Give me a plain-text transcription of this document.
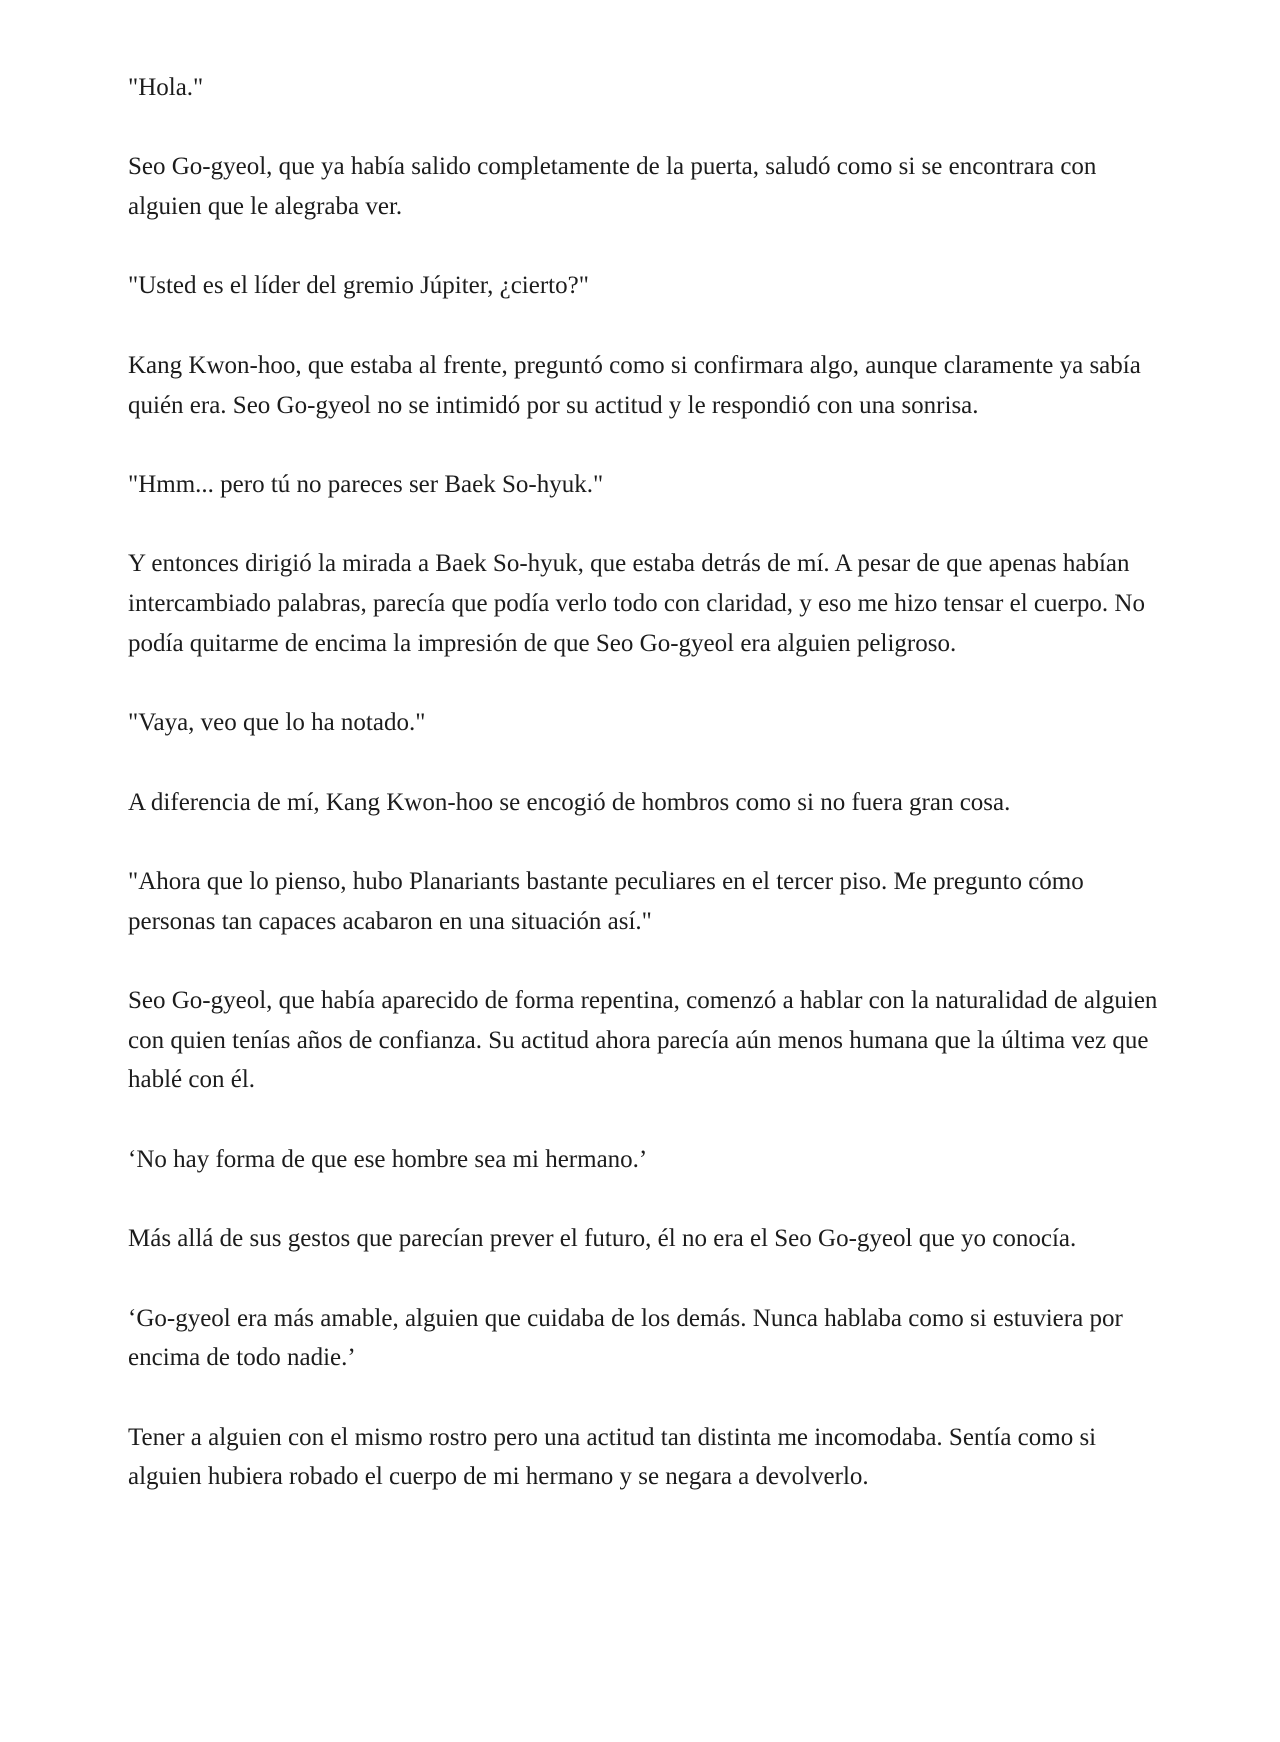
"Hola."

Seo Go-gyeol, que ya había salido completamente de la puerta, saludó como si se encontrara con alguien que le alegraba ver.

"Usted es el líder del gremio Júpiter, ¿cierto?"

Kang Kwon-hoo, que estaba al frente, preguntó como si confirmara algo, aunque claramente ya sabía quién era. Seo Go-gyeol no se intimidó por su actitud y le respondió con una sonrisa.

"Hmm... pero tú no pareces ser Baek So-hyuk."

Y entonces dirigió la mirada a Baek So-hyuk, que estaba detrás de mí. A pesar de que apenas habían intercambiado palabras, parecía que podía verlo todo con claridad, y eso me hizo tensar el cuerpo. No podía quitarme de encima la impresión de que Seo Go-gyeol era alguien peligroso.

"Vaya, veo que lo ha notado."

A diferencia de mí, Kang Kwon-hoo se encogió de hombros como si no fuera gran cosa.

"Ahora que lo pienso, hubo Planariants bastante peculiares en el tercer piso. Me pregunto cómo personas tan capaces acabaron en una situación así."

Seo Go-gyeol, que había aparecido de forma repentina, comenzó a hablar con la naturalidad de alguien con quien tenías años de confianza. Su actitud ahora parecía aún menos humana que la última vez que hablé con él.

‘No hay forma de que ese hombre sea mi hermano.’

Más allá de sus gestos que parecían prever el futuro, él no era el Seo Go-gyeol que yo conocía.

‘Go-gyeol era más amable, alguien que cuidaba de los demás. Nunca hablaba como si estuviera por encima de todo nadie.’

Tener a alguien con el mismo rostro pero una actitud tan distinta me incomodaba. Sentía como si alguien hubiera robado el cuerpo de mi hermano y se negara a devolverlo.
